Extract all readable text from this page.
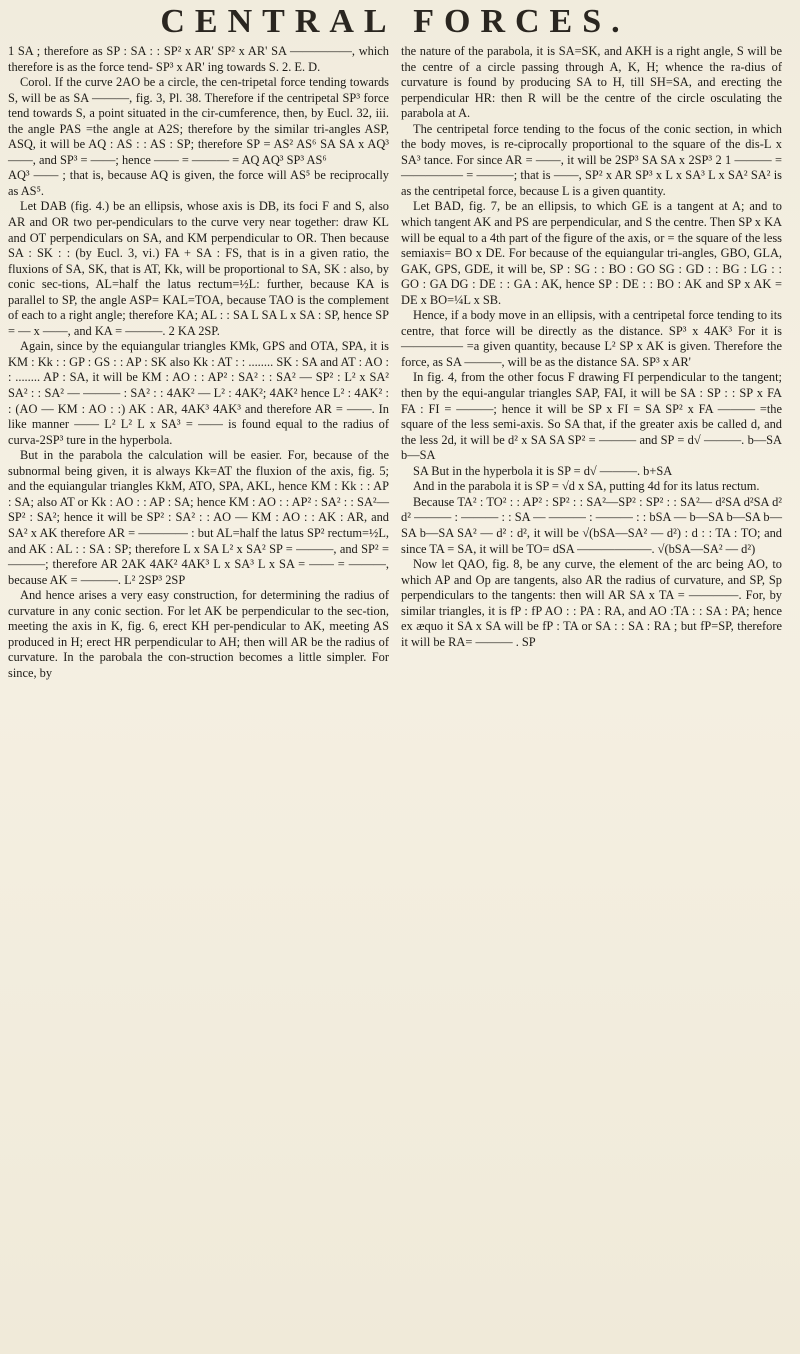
CENTRAL FORCES.

1 SA ; therefore as SP : SA : : SP² x AR' SP² x AR' SA —————, which therefore is as the force tend- SP³ x AR' ing towards S. 2. E. D.

Corol. If the curve 2AO be a circle, the cen-tripetal force tending towards S, will be as SA ———, fig. 3, Pl. 38. Therefore if the centripetal SP³ force tend towards S, a point situated in the cir-cumference, then, by Eucl. 32, iii. the angle PAS =the angle at A2S; therefore by the similar tri-angles ASP, ASQ, it will be AQ : AS : : AS : SP; therefore SP = AS² AS⁶ SA SA x AQ³ ——, and SP³ = ——; hence —— = ——— = AQ AQ³ SP³ AS⁶

AQ³ —— ; that is, because AQ is given, the force will AS⁵ be reciprocally as AS⁵.

Let DAB (fig. 4.) be an ellipsis, whose axis is DB, its foci F and S, also AR and OR two per-pendiculars to the curve very near together: draw KL and OT perpendiculars on SA, and KM perpendicular to OR. Then because SA : SK : : (by Eucl. 3, vi.) FA + SA : FS, that is in a given ratio, the fluxions of SA, SK, that is AT, Kk, will be proportional to SA, SK : also, by conic sec-tions, AL=half the latus rectum=½L: further, because KA is parallel to SP, the angle ASP= KAL=TOA, because TAO is the complement of each to a right angle; therefore KA; AL : : SA L SA L x SA : SP, hence SP = — x ——, and KA = ———. 2 KA 2SP.

Again, since by the equiangular triangles KMk, GPS and OTA, SPA, it is KM : Kk : : GP : GS : : AP : SK also Kk : AT : : ........ SK : SA and AT : AO : : ........ AP : SA, it will be KM : AO : : AP² : SA² : : SA² — SP² : L² x SA² SA² : : SA² — ——— : SA² : : 4AK² — L² : 4AK²; 4AK² hence L² : 4AK² : : (AO — KM : AO : :) AK : AR, 4AK³ 4AK³ and therefore AR = ——. In like manner —— L² L² L x SA³ = —— is found equal to the radius of curva-2SP³ ture in the hyperbola.

But in the parabola the calculation will be easier. For, because of the subnormal being given, it is always Kk=AT the fluxion of the axis, fig. 5; and the equiangular triangles KkM, ATO, SPA, AKL, hence KM : Kk : : AP : SA; also AT or Kk : AO : : AP : SA; hence KM : AO : : AP² : SA² : : SA²—SP² : SA²; hence it will be SP² : SA² : : AO — KM : AO : : AK : AR, and SA² x AK therefore AR = ———— : but AL=half the latus SP² rectum=½L, and AK : AL : : SA : SP; therefore L x SA L² x SA² SP = ———, and SP² = ———; therefore AR 2AK 4AK² 4AK³ L x SA³ L x SA = —— = ———, because AK = ———. L² 2SP³ 2SP

And hence arises a very easy construction, for determining the radius of curvature in any conic section. For let AK be perpendicular to the sec-tion, meeting the axis in K, fig. 6, erect KH per-pendicular to AK, meeting AS produced in H; erect HR perpendicular to AH; then will AR be the radius of curvature. In the parobala the con-struction becomes a little simpler. For since, by

the nature of the parabola, it is SA=SK, and AKH is a right angle, S will be the centre of a circle passing through A, K, H; whence the ra-dius of curvature is found by producing SA to H, till SH=SA, and erecting the perpendicular HR: then R will be the centre of the circle osculating the parabola at A.

The centripetal force tending to the focus of the conic section, in which the body moves, is re-ciprocally proportional to the square of the dis-L x SA³ tance. For since AR = ——, it will be 2SP³ SA SA x 2SP³ 2 1 ——— = ————— = ———; that is ——, SP² x AR SP³ x L x SA³ L x SA² SA² is as the centripetal force, because L is a given quantity.

Let BAD, fig. 7, be an ellipsis, to which GE is a tangent at A; and to which tangent AK and PS are perpendicular, and S the centre. Then SP x KA will be equal to a 4th part of the figure of the axis, or = the square of the less semiaxis= BO x DE. For because of the equiangular tri-angles, GBO, GLA, GAK, GPS, GDE, it will be, SP : SG : : BO : GO SG : GD : : BG : LG : : GO : GA DG : DE : : GA : AK, hence SP : DE : : BO : AK and SP x AK = DE x BO=¼L x SB.

Hence, if a body move in an ellipsis, with a centripetal force tending to its centre, that force will be directly as the distance. SP³ x 4AK³ For it is ————— =a given quantity, because L² SP x AK is given. Therefore the force, as SA ———, will be as the distance SA. SP³ x AR'

In fig. 4, from the other focus F drawing FI perpendicular to the tangent; then by the equi-angular triangles SAP, FAI, it will be SA : SP : : SP x FA FA : FI = ———; hence it will be SP x FI = SA SP² x FA ——— =the square of the less semi-axis. So SA that, if the greater axis be called d, and the less 2d, it will be d² x SA SA SP² = ——— and SP = d√ ———. b—SA b—SA

SA But in the hyperbola it is SP = d√ ———. b+SA

And in the parabola it is SP = √d x SA, putting 4d for its latus rectum.

Because TA² : TO² : : AP² : SP² : : SA²—SP² : SP² : : SA²— d²SA d²SA d² d² ——— : ——— : : SA — ——— : ——— : : bSA — b—SA b—SA b—SA b—SA SA² — d² : d², it will be √(bSA—SA² — d²) : d : : TA : TO; and since TA = SA, it will be TO= dSA ——————. √(bSA—SA² — d²)

Now let QAO, fig. 8, be any curve, the element of the arc being AO, to which AP and Op are tangents, also AR the radius of curvature, and SP, Sp perpendiculars to the tangents: then will AR SA x TA = ————. For, by similar triangles, it is fP : fP AO : : PA : RA, and AO :TA : : SA : PA; hence ex æquo it SA x SA will be fP : TA or SA : : SA : RA ; but fP=SP, therefore it will be RA= ——— . SP
